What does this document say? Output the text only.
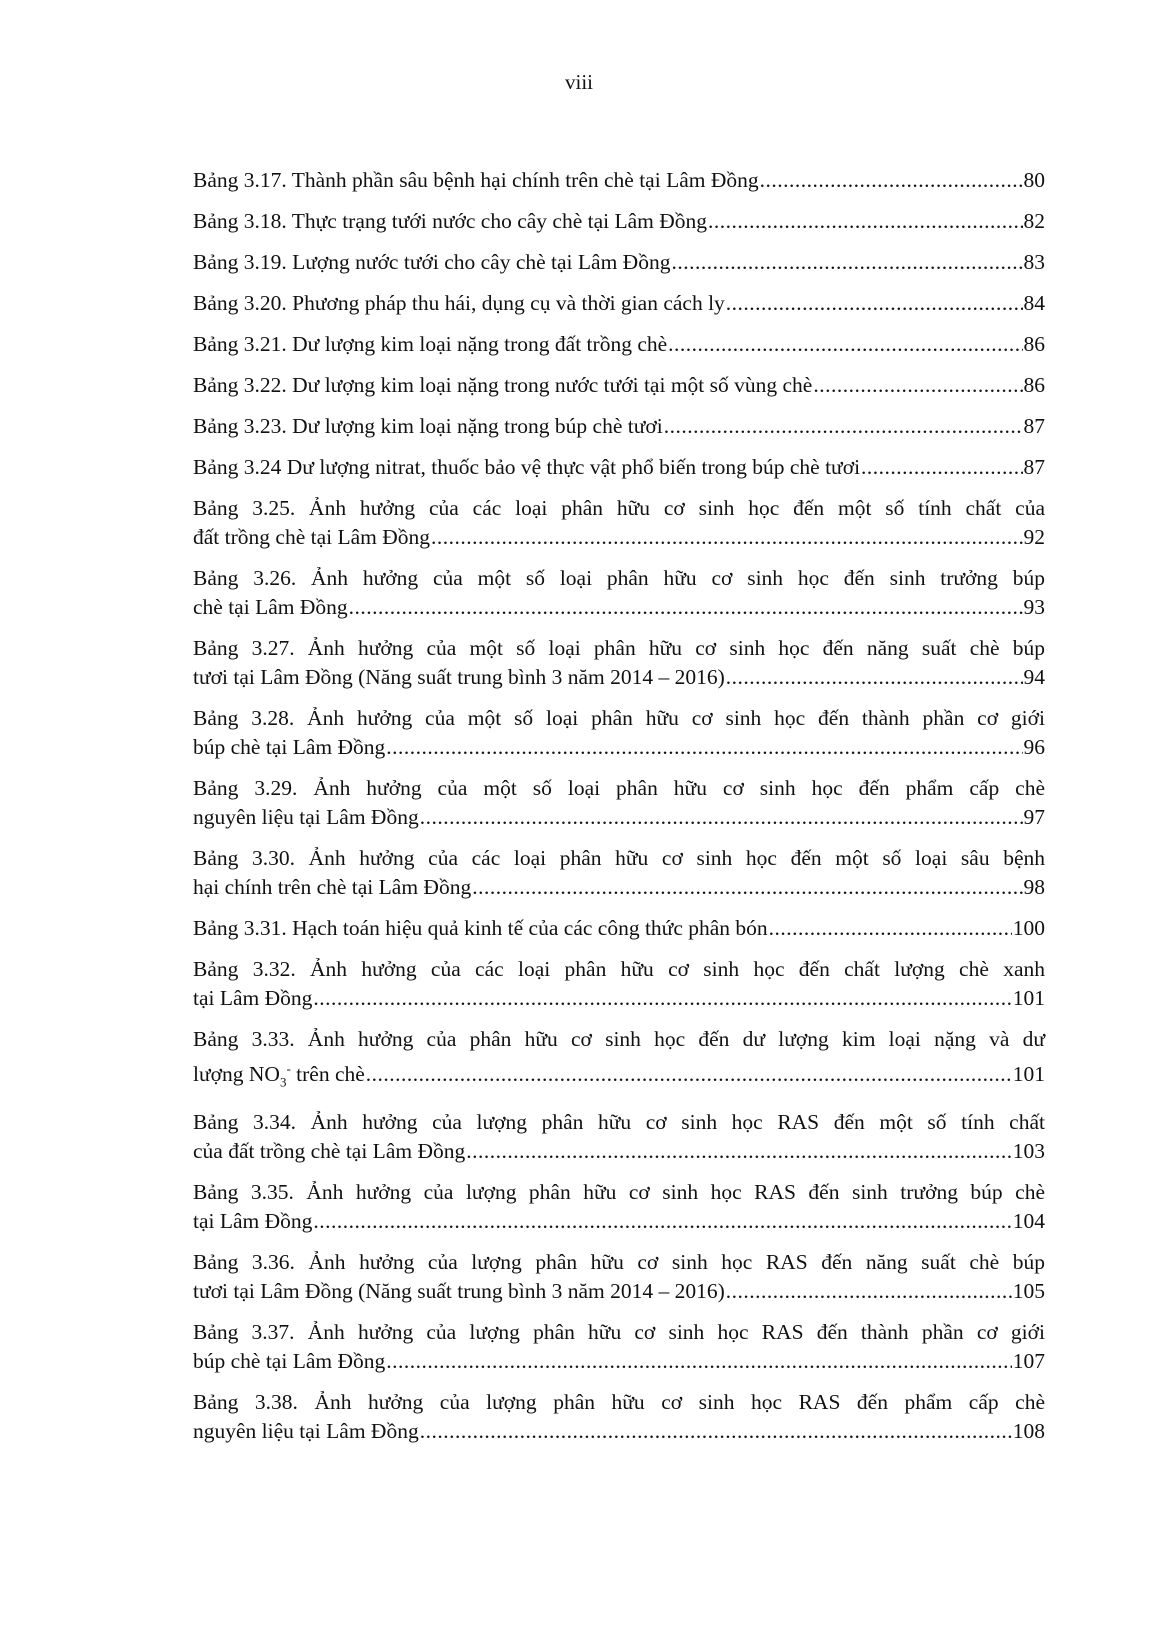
viii
Bảng 3.17. Thành phần sâu bệnh hại chính trên chè tại Lâm Đồng .....	80
Bảng 3.18. Thực trạng tưới nước cho cây chè tại Lâm Đồng .....	82
Bảng 3.19. Lượng nước tưới cho cây chè tại Lâm Đồng .....	83
Bảng 3.20. Phương pháp thu hái, dụng cụ và thời gian cách ly .....	84
Bảng 3.21. Dư lượng kim loại nặng trong đất trồng chè .....	86
Bảng 3.22. Dư lượng kim loại nặng trong nước tưới tại một số vùng chè .....	86
Bảng 3.23. Dư lượng kim loại nặng trong búp chè tươi .....	87
Bảng 3.24 Dư lượng nitrat, thuốc bảo vệ thực vật phổ biến trong búp chè tươi .....	87
Bảng 3.25. Ảnh hưởng của các loại phân hữu cơ sinh học đến một số tính chất của
đất trồng chè tại Lâm Đồng .....	92
Bảng 3.26. Ảnh hưởng của một số loại phân hữu cơ sinh học đến sinh trưởng búp
chè tại Lâm Đồng .....	93
Bảng 3.27. Ảnh hưởng của một số loại phân hữu cơ sinh học đến năng suất chè búp
tươi tại Lâm Đồng (Năng suất trung bình 3 năm 2014 – 2016) .....	94
Bảng 3.28. Ảnh hưởng của một số loại phân hữu cơ sinh học đến thành phần cơ giới
búp chè tại Lâm Đồng .....	96
Bảng 3.29. Ảnh hưởng của một số loại phân hữu cơ sinh học đến phẩm cấp chè
nguyên liệu tại Lâm Đồng .....	97
Bảng 3.30. Ảnh hưởng của các loại phân hữu cơ sinh học đến một số loại sâu bệnh
hại chính trên chè tại Lâm Đồng .....	98
Bảng 3.31. Hạch toán hiệu quả kinh tế của các công thức phân bón .....	100
Bảng 3.32. Ảnh hưởng của các loại phân hữu cơ sinh học đến chất lượng chè xanh
tại Lâm Đồng .....	101
Bảng 3.33. Ảnh hưởng của phân hữu cơ sinh học đến dư lượng kim loại nặng và dư
lượng $NO_3^-$ trên chè .....	101
Bảng 3.34. Ảnh hưởng của lượng phân hữu cơ sinh học RAS đến một số tính chất
của đất trồng chè tại Lâm Đồng .....	103
Bảng 3.35. Ảnh hưởng của lượng phân hữu cơ sinh học RAS đến sinh trưởng búp chè
tại Lâm Đồng .....	104
Bảng 3.36. Ảnh hưởng của lượng phân hữu cơ sinh học RAS đến năng suất chè búp
tươi tại Lâm Đồng (Năng suất trung bình 3 năm 2014 – 2016) .....	105
Bảng 3.37. Ảnh hưởng của lượng phân hữu cơ sinh học RAS đến thành phần cơ giới
búp chè tại Lâm Đồng .....	107
Bảng 3.38. Ảnh hưởng của lượng phân hữu cơ sinh học RAS đến phẩm cấp chè
nguyên liệu tại Lâm Đồng .....	108
